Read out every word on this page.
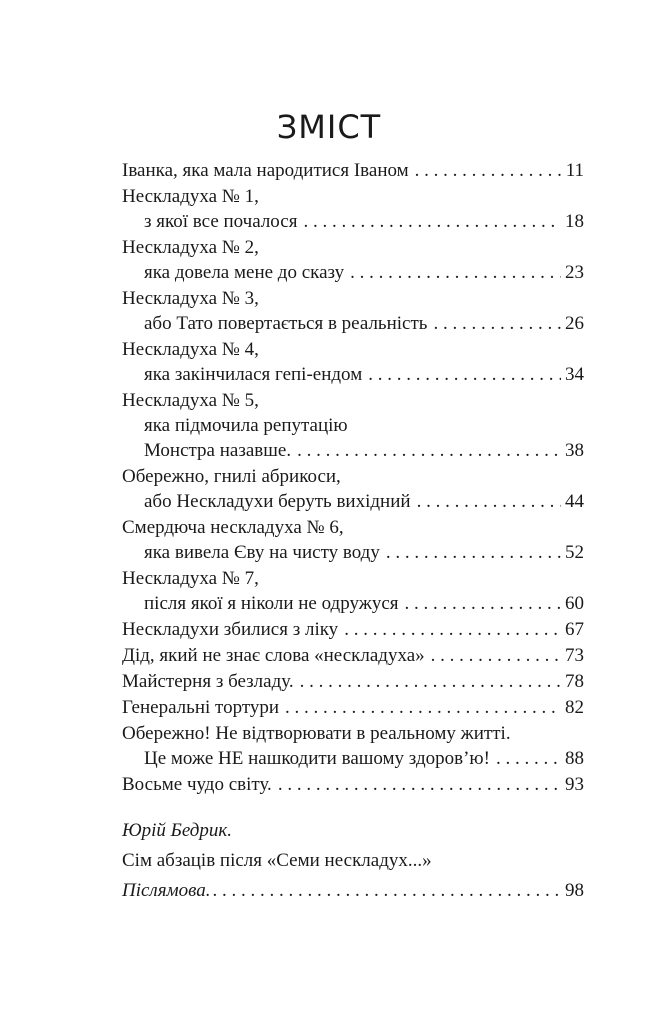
ЗМІСТ
Іванка, яка мала народитися Іваном . . .	11
Нескладуха № 1,
з якої все почалося . . .	18
Нескладуха № 2,
яка довела мене до сказу . . .	23
Нескладуха № 3,
або Тато повертається в реальність . . .	26
Нескладуха № 4,
яка закінчилася гепі-ендом . . .	34
Нескладуха № 5,
яка підмочила репутацію
Монстра назавше. . . .	38
Обережно, гнилі абрикоси,
або Нескладухи беруть вихідний . . .	44
Смердюча нескладуха № 6,
яка вивела Єву на чисту воду . . .	52
Нескладуха № 7,
після якої я ніколи не одружуся . . .	60
Нескладухи збилися з ліку . . .	67
Дід, який не знає слова «нескладуха» . . .	73
Майстерня з безладу. . . .	78
Генеральні тортури . . .	82
Обережно! Не відтворювати в реальному житті.
Це може НЕ нашкодити вашому здоров’ю! . . .	88
Восьме чудо світу. . . .	93
Юрій Бедрик.
Сім абзаців після «Семи нескладух...»
Післямова. . . .	98
